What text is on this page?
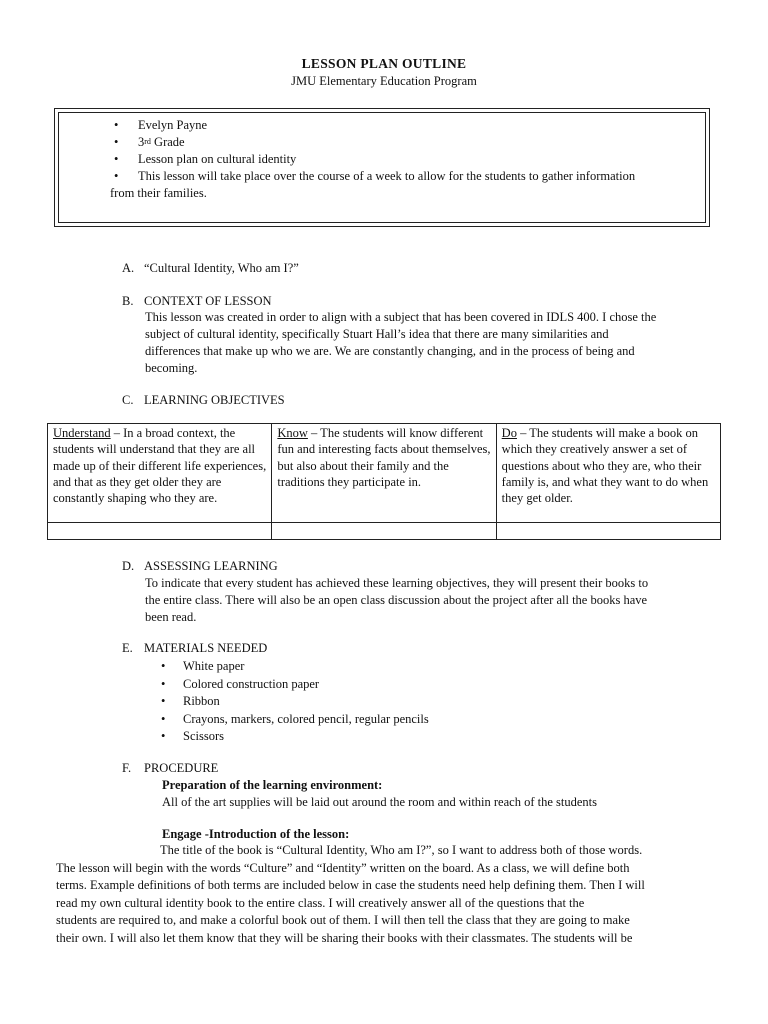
LESSON PLAN OUTLINE
JMU Elementary Education Program
• Evelyn Payne
• 3rd Grade
• Lesson plan on cultural identity
• This lesson will take place over the course of a week to allow for the students to gather information
from their families.
A. “Cultural Identity, Who am I?”
B. CONTEXT OF LESSON
This lesson was created in order to align with a subject that has been covered in IDLS 400. I chose the
subject of cultural identity, specifically Stuart Hall’s idea that there are many similarities and
differences that make up who we are. We are constantly changing, and in the process of being and
becoming.
C. LEARNING OBJECTIVES
Understand – In a broad context, the students will understand that they are all made up of their different life experiences, and that as they get older they are constantly shaping who they are.	Know – The students will know different fun and interesting facts about themselves, but also about their family and the traditions they participate in.	Do – The students will make a book on which they creatively answer a set of questions about who they are, who their family is, and what they want to do when they get older.

D. ASSESSING LEARNING
To indicate that every student has achieved these learning objectives, they will present their books to
the entire class. There will also be an open class discussion about the project after all the books have
been read.
E. MATERIALS NEEDED
• White paper
• Colored construction paper
• Ribbon
• Crayons, markers, colored pencil, regular pencils
• Scissors
F. PROCEDURE
Preparation of the learning environment:
All of the art supplies will be laid out around the room and within reach of the students
Engage -Introduction of the lesson:
The title of the book is “Cultural Identity, Who am I?”, so I want to address both of those words.
The lesson will begin with the words “Culture” and “Identity” written on the board. As a class, we will define both
terms. Example definitions of both terms are included below in case the students need help defining them. Then I will
read my own cultural identity book to the entire class. I will creatively answer all of the questions that the
students are required to, and make a colorful book out of them. I will then tell the class that they are going to make
their own. I will also let them know that they will be sharing their books with their classmates. The students will be
